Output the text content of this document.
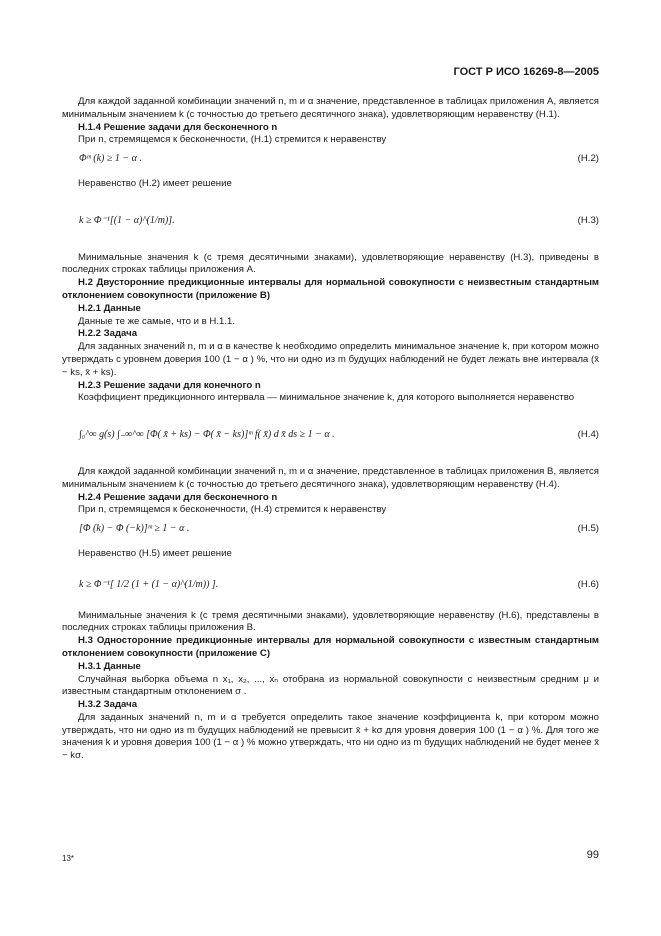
ГОСТ Р ИСО 16269-8—2005

Для каждой заданной комбинации значений n, m и α значение, представленное в таблицах приложения А, является минимальным значением k (с точностью до третьего десятичного знака), удовлетворяющим неравенству (Н.1).

Н.1.4 Решение задачи для бесконечного n

При n, стремящемся к бесконечности, (Н.1) стремится к неравенству

Φᵐ (k) ≥ 1 − α .	(Н.2)

Неравенство (Н.2) имеет решение

k ≥ Φ⁻¹[(1 − α)^(1/m)].	(Н.3)

Минимальные значения k (с тремя десятичными знаками), удовлетворяющие неравенству (Н.3), приведены в последних строках таблицы приложения А.

Н.2 Двусторонние предикционные интервалы для нормальной совокупности с неизвестным стандартным отклонением совокупности (приложение В)

Н.2.1 Данные

Данные те же самые, что и в Н.1.1.

Н.2.2 Задача

Для заданных значений n, m и α в качестве k необходимо определить минимальное значение k, при котором можно утверждать с уровнем доверия 100 (1 − α ) %, что ни одно из m будущих наблюдений не будет лежать вне интервала (x̄ − ks, x̄ + ks).

Н.2.3 Решение задачи для конечного n

Коэффициент предикционного интервала — минимальное значение k, для которого выполняется неравенство

∫₀^∞ g(s) ∫₋∞^∞ [Φ( x̄ + ks) − Φ( x̄ − ks)]ᵐ f( x̄) d x̄ ds ≥ 1 − α .	(Н.4)

Для каждой заданной комбинации значений n, m и α значение, представленное в таблицах приложения В, является минимальным значением k (с точностью до третьего десятичного знака), удовлетворяющим неравенству (Н.4).

Н.2.4 Решение задачи для бесконечного n

При n, стремящемся к бесконечности, (Н.4) стремится к неравенству

[Φ (k) − Φ (−k)]ᵐ ≥ 1 − α .	(Н.5)

Неравенство (Н.5) имеет решение

k ≥ Φ⁻¹[ 1/2 (1 + (1 − α)^(1/m)) ].	(Н.6)

Минимальные значения k (с тремя десятичными знаками), удовлетворяющие неравенству (Н.6), представлены в последних строках таблицы приложения В.

Н.3 Односторонние предикционные интервалы для нормальной совокупности с известным стандартным отклонением совокупности (приложение С)

Н.3.1 Данные

Случайная выборка объема n x₁, x₂, ..., xₙ отобрана из нормальной совокупности с неизвестным средним μ и известным стандартным отклонением σ .

Н.3.2 Задача

Для заданных значений n, m и α требуется определить такое значение коэффициента k, при котором можно утверждать, что ни одно из m будущих наблюдений не превысит x̄ + kσ для уровня доверия 100 (1 − α ) %. Для того же значения k и уровня доверия 100 (1 − α ) % можно утверждать, что ни одно из m будущих наблюдений не будет менее x̄ − kσ.

13*	99
